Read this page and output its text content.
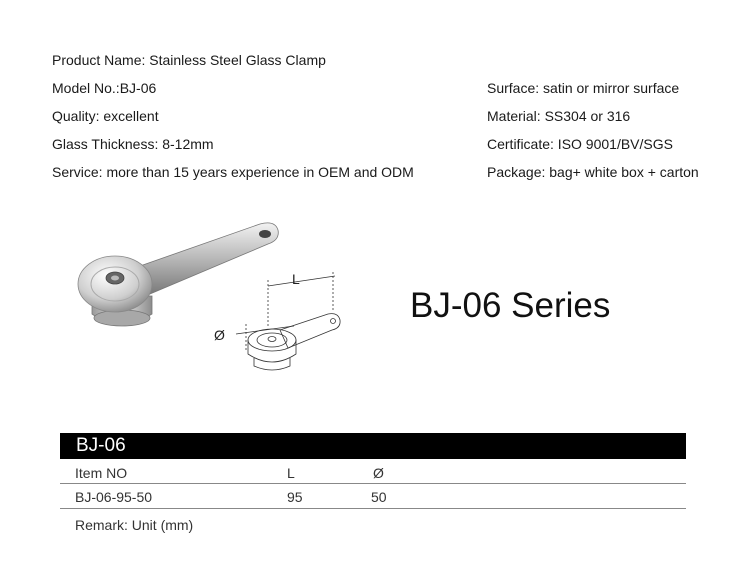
Product Name: Stainless Steel Glass Clamp
Model No.:BJ-06
Quality: excellent
Glass Thickness: 8-12mm
Service: more than 15 years experience in OEM and ODM
Surface: satin or mirror surface
Material: SS304 or 316
Certificate: ISO 9001/BV/SGS
Package: bag+ white box + carton
L
Ø
BJ-06 Series
BJ-06
Item NO	L	Ø
BJ-06-95-50	95	50
Remark: Unit (mm)
